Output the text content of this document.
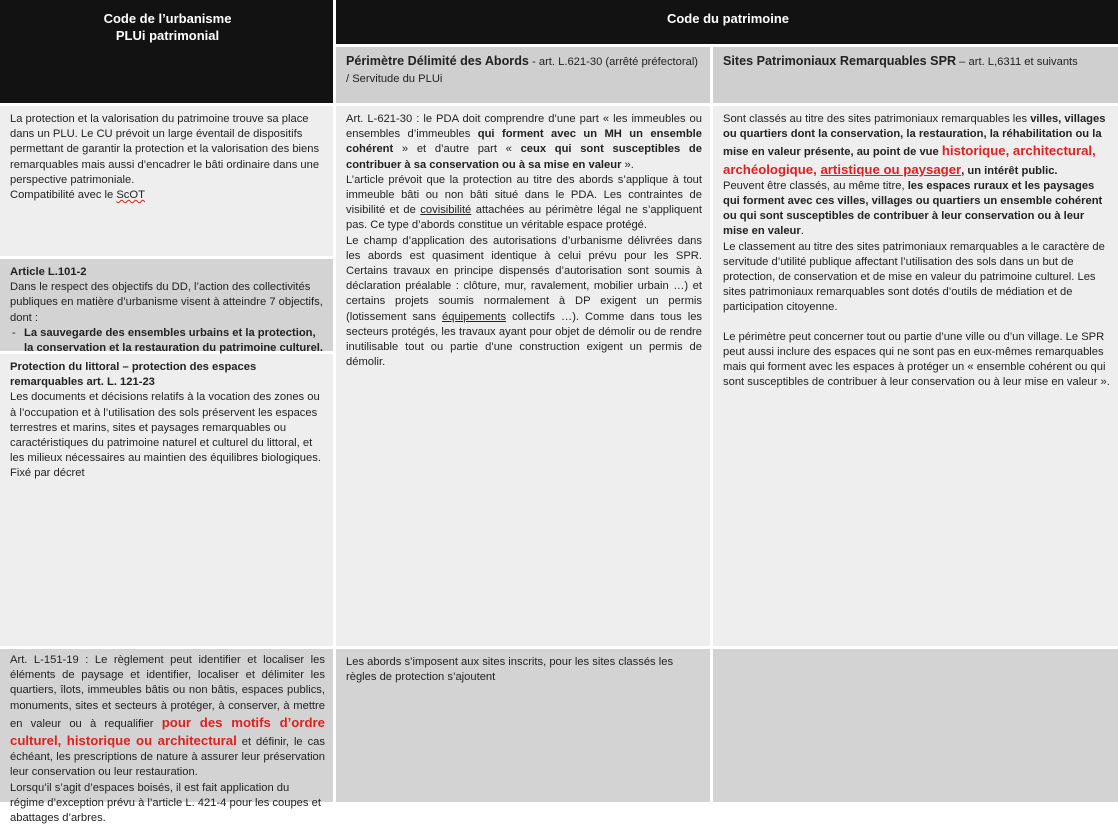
Code de l’urbanisme
PLUi patrimonial
Code du patrimoine
Périmètre Délimité des Abords - art. L.621-30 (arrêté préfectoral) / Servitude du PLUi
Sites Patrimoniaux Remarquables SPR – art. L,6311 et suivants

La protection et la valorisation du patrimoine trouve sa place dans un PLU. Le CU prévoit un large éventail de dispositifs permettant de garantir la protection et la valorisation des biens remarquables mais aussi d’encadrer le bâti ordinaire dans une perspective patrimoniale.

Compatibilité avec le ScOT

Article L.101-2

Dans le respect des objectifs du DD, l’action des collectivités publiques en matière d’urbanisme visent à atteindre 7 objectifs, dont :

- La sauvegarde des ensembles urbains et la protection, la conservation et la restauration du patrimoine culturel.

Protection du littoral – protection des espaces remarquables art. L. 121-23

Les documents et décisions relatifs à la vocation des zones ou à l’occupation et à l’utilisation des sols préservent les espaces terrestres et marins, sites et paysages remarquables ou caractéristiques du patrimoine naturel et culturel du littoral, et les milieux nécessaires au maintien des équilibres biologiques.

Fixé par décret

Art. L-621-30 : le PDA doit comprendre d’une part « les immeubles ou ensembles d’immeubles qui forment avec un MH un ensemble cohérent » et d’autre part « ceux qui sont susceptibles de contribuer à sa conservation ou à sa mise en valeur ».

L’article prévoit que la protection au titre des abords s’applique à tout immeuble bâti ou non bâti situé dans le PDA. Les contraintes de visibilité et de covisibilité attachées au périmètre légal ne s’appliquent pas. Ce type d’abords constitue un véritable espace protégé.

Le champ d’application des autorisations d’urbanisme délivrées dans les abords est quasiment identique à celui prévu pour les SPR. Certains travaux en principe dispensés d’autorisation sont soumis à déclaration préalable : clôture, mur, ravalement, mobilier urbain …) et certains projets soumis normalement à DP exigent un permis (lotissement sans équipements collectifs …). Comme dans tous les secteurs protégés, les travaux ayant pour objet de démolir ou de rendre inutilisable tout ou partie d’une construction exigent un permis de démolir.

Sont classés au titre des sites patrimoniaux remarquables les villes, villages ou quartiers dont la conservation, la restauration, la réhabilitation ou la mise en valeur présente, au point de vue historique, architectural, archéologique, artistique ou paysager, un intérêt public.

Peuvent être classés, au même titre, les espaces ruraux et les paysages qui forment avec ces villes, villages ou quartiers un ensemble cohérent ou qui sont susceptibles de contribuer à leur conservation ou à leur mise en valeur.

Le classement au titre des sites patrimoniaux remarquables a le caractère de servitude d’utilité publique affectant l’utilisation des sols dans un but de protection, de conservation et de mise en valeur du patrimoine culturel. Les sites patrimoniaux remarquables sont dotés d’outils de médiation et de participation citoyenne.

Le périmètre peut concerner tout ou partie d’une ville ou d’un village. Le SPR peut aussi inclure des espaces qui ne sont pas en eux-mêmes remarquables mais qui forment avec les espaces à protéger un « ensemble cohérent ou qui sont susceptibles de contribuer à leur conservation ou à leur mise en valeur ».

Art. L-151-19 : Le règlement peut identifier et localiser les éléments de paysage et identifier, localiser et délimiter les quartiers, îlots, immeubles bâtis ou non bâtis, espaces publics, monuments, sites et secteurs à protéger, à conserver, à mettre en valeur ou à requalifier pour des motifs d’ordre culturel, historique ou architectural et définir, le cas échéant, les prescriptions de nature à assurer leur préservation leur conservation ou leur restauration.

Lorsqu’il s’agit d’espaces boisés, il est fait application du régime d’exception prévu à l’article L. 421-4 pour les coupes et abattages d’arbres.

Les abords s’imposent aux sites inscrits, pour les sites classés les règles de protection s’ajoutent
